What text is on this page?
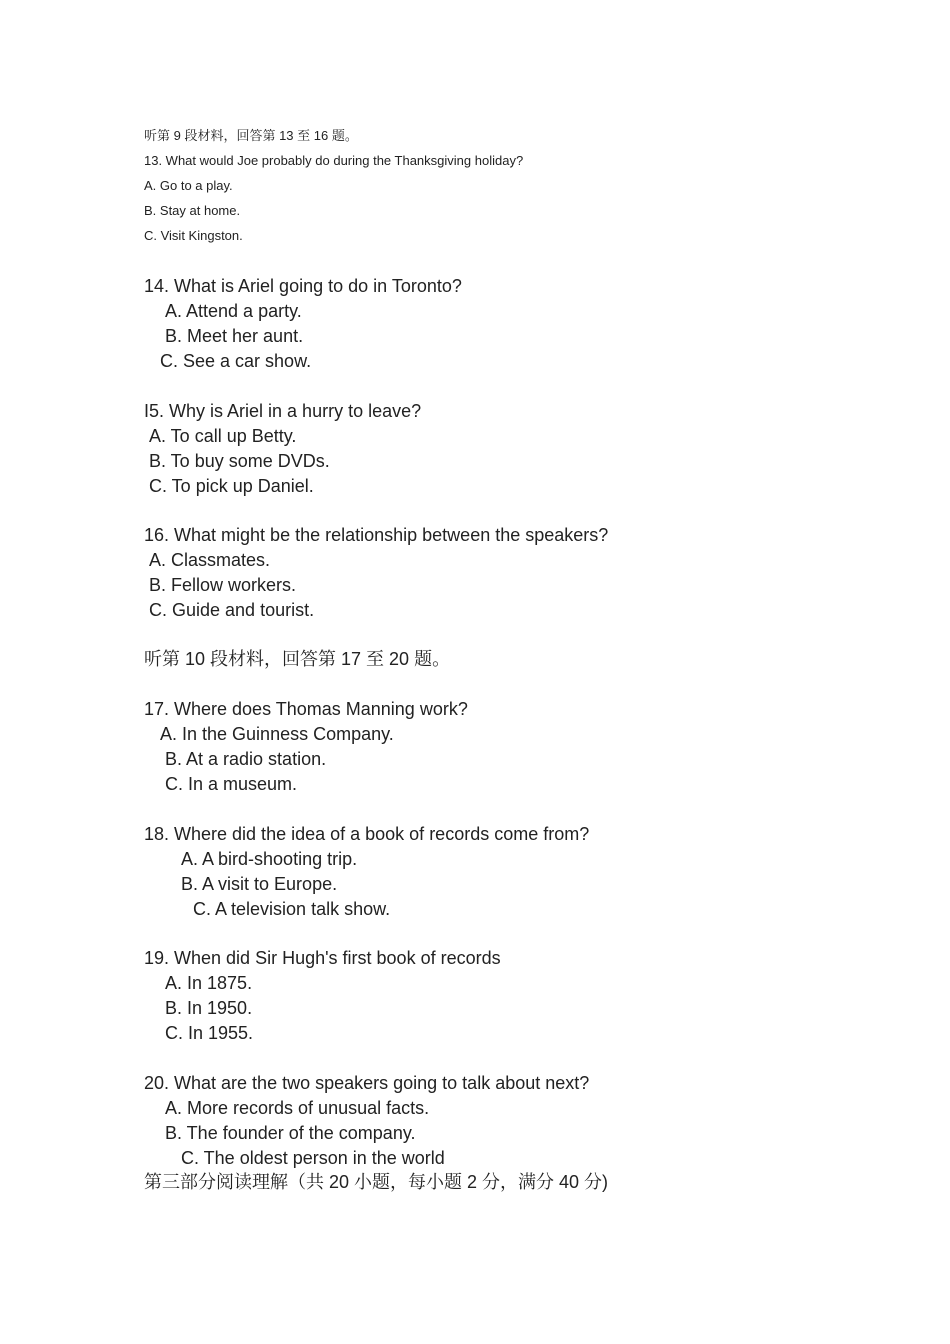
听第 9 段材料，回答第 13 至 16 题。
13. What would Joe probably do during the Thanksgiving holiday?
A. Go to a play.
B. Stay at home.
C. Visit Kingston.
14. What is Ariel going to do in Toronto?
A. Attend a party.
B. Meet her aunt.
C. See a car show.
I5. Why is Ariel in a hurry to leave?
A. To call up Betty.
B. To buy some DVDs.
C. To pick up Daniel.
16. What might be the relationship between the speakers?
A. Classmates.
B. Fellow workers.
C. Guide and tourist.
听第 10 段材料，回答第 17 至 20 题。
17. Where does Thomas Manning work?
A. In the Guinness Company.
B. At a radio station.
C. In a museum.
18. Where did the idea of a book of records come from?
A. A bird-shooting trip.
B. A visit to Europe.
C. A television talk show.
19. When did Sir Hugh's first book of records
A. In 1875.
B. In 1950.
C. In 1955.
20. What are the two speakers going to talk about next?
A. More records of unusual facts.
B. The founder of the company.
C. The oldest person in the world
第三部分阅读理解（共 20 小题，每小题 2 分，满分 40 分)
